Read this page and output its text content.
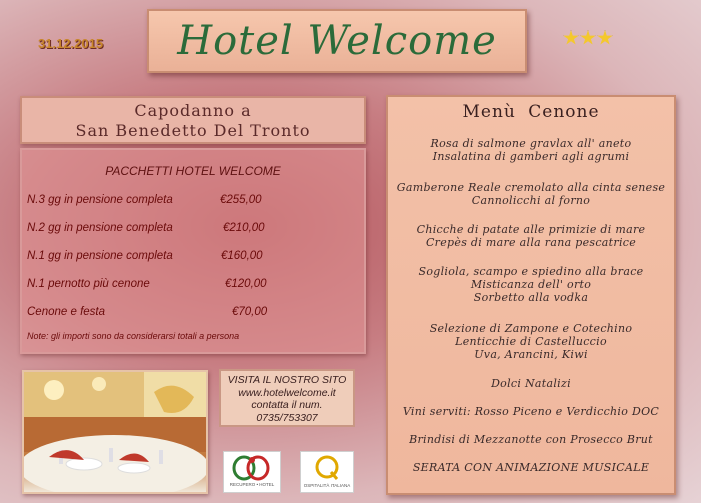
31.12.2015 Hotel Welcome
Capodanno a
San Benedetto Del Tronto
PACCHETTI HOTEL WELCOME
N.3 gg in pensione completa	€255,00
N.2 gg in pensione completa	€210,00
N.1 gg in pensione completa	€160,00
N.1 pernotto più cenone	€120,00
Cenone e festa	€70,00
Note: gli importi sono da considerarsi totali a persona
VISITA IL NOSTRO SITO
www.hotelwelcome.it
contatta il num.
0735/753307
RECUPERO • HOTEL	OSPITALITÀ ITALIANA
Menù Cenone
Rosa di salmone gravlax all' aneto
Insalatina di gamberi agli agrumi
Gamberone Reale cremolato alla cinta senese
Cannolicchi al forno
Chicche di patate alle primizie di mare
Crepès di mare alla rana pescatrice
Sogliola, scampo e spiedino alla brace
Misticanza dell' orto
Sorbetto alla vodka
Selezione di Zampone e Cotechino
Lenticchie di Castelluccio
Uva, Arancini, Kiwi
Dolci Natalizi
Vini serviti: Rosso Piceno e Verdicchio DOC
Brindisi di Mezzanotte con Prosecco Brut
SERATA CON ANIMAZIONE MUSICALE
